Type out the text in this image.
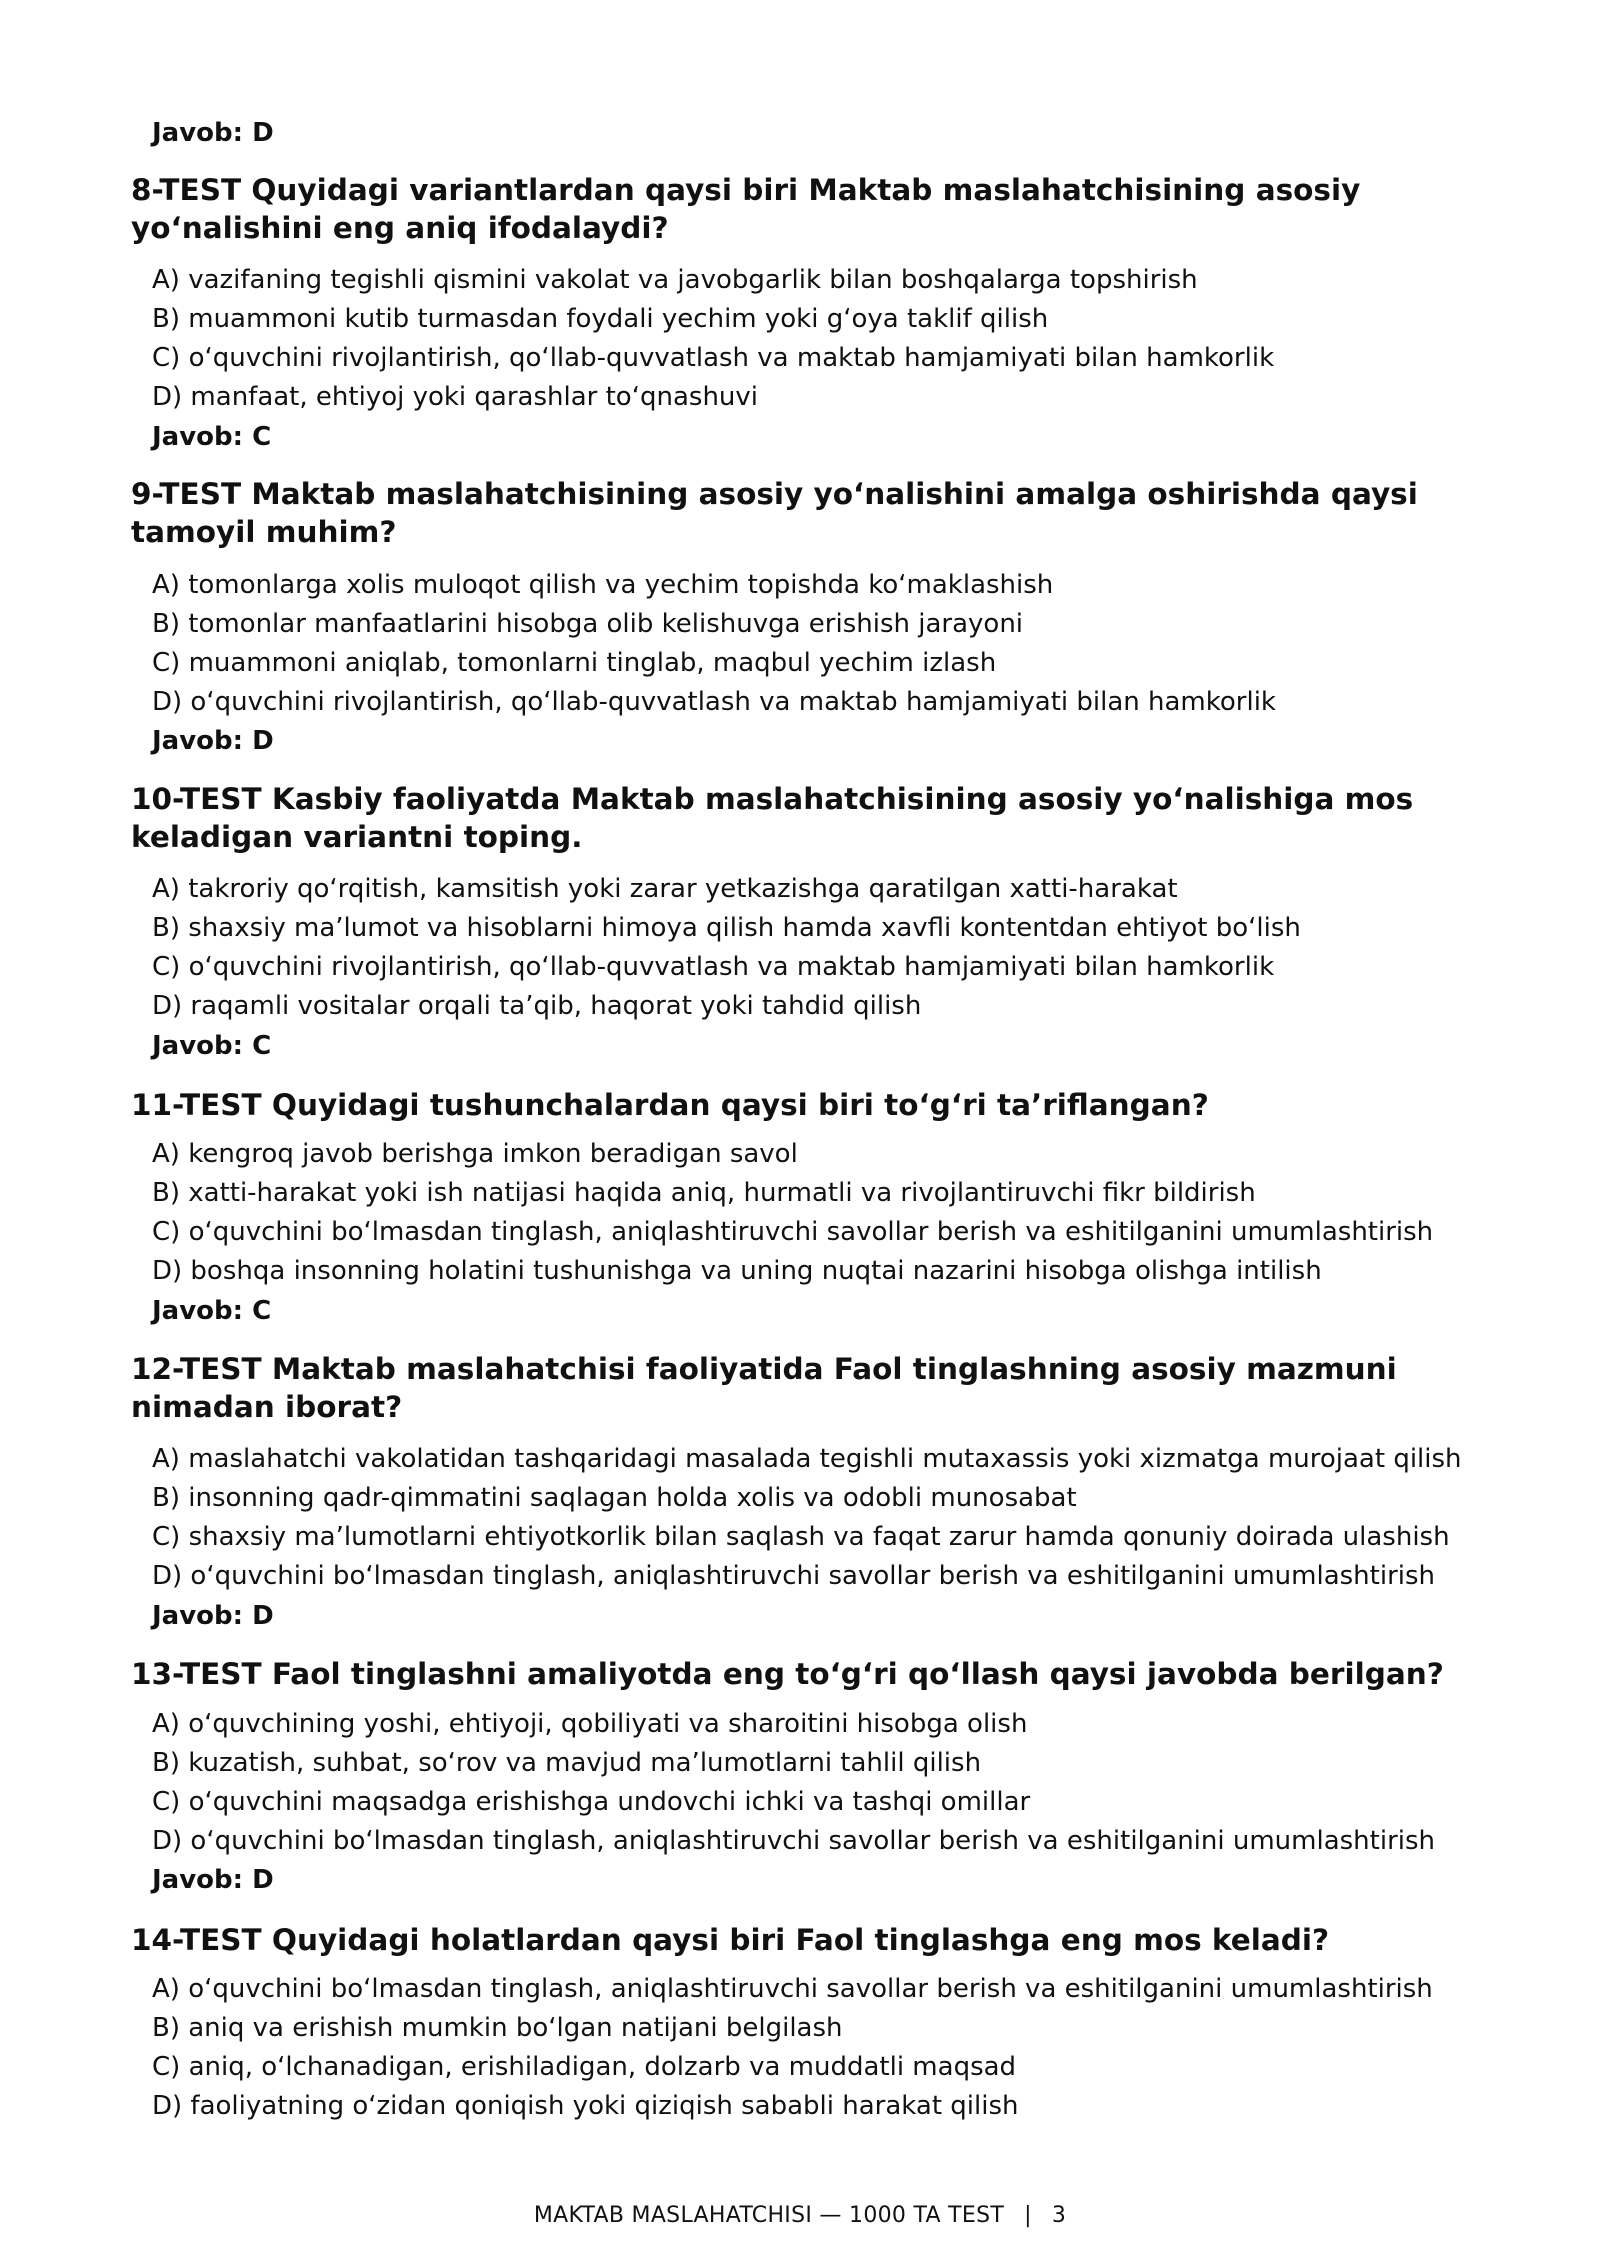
Javob: D

8-TEST Quyidagi variantlardan qaysi biri Maktab maslahatchisining asosiy yo‘nalishini eng aniq ifodalaydi?

A) vazifaning tegishli qismini vakolat va javobgarlik bilan boshqalarga topshirish

B) muammoni kutib turmasdan foydali yechim yoki g‘oya taklif qilish

C) o‘quvchini rivojlantirish, qo‘llab-quvvatlash va maktab hamjamiyati bilan hamkorlik

D) manfaat, ehtiyoj yoki qarashlar to‘qnashuvi

Javob: C

9-TEST Maktab maslahatchisining asosiy yo‘nalishini amalga oshirishda qaysi tamoyil muhim?

A) tomonlarga xolis muloqot qilish va yechim topishda ko‘maklashish

B) tomonlar manfaatlarini hisobga olib kelishuvga erishish jarayoni

C) muammoni aniqlab, tomonlarni tinglab, maqbul yechim izlash

D) o‘quvchini rivojlantirish, qo‘llab-quvvatlash va maktab hamjamiyati bilan hamkorlik

Javob: D

10-TEST Kasbiy faoliyatda Maktab maslahatchisining asosiy yo‘nalishiga mos keladigan variantni toping.

A) takroriy qo‘rqitish, kamsitish yoki zarar yetkazishga qaratilgan xatti-harakat

B) shaxsiy ma’lumot va hisoblarni himoya qilish hamda xavfli kontentdan ehtiyot bo‘lish

C) o‘quvchini rivojlantirish, qo‘llab-quvvatlash va maktab hamjamiyati bilan hamkorlik

D) raqamli vositalar orqali ta’qib, haqorat yoki tahdid qilish

Javob: C

11-TEST Quyidagi tushunchalardan qaysi biri to‘g‘ri ta’riflangan?

A) kengroq javob berishga imkon beradigan savol

B) xatti-harakat yoki ish natijasi haqida aniq, hurmatli va rivojlantiruvchi fikr bildirish

C) o‘quvchini bo‘lmasdan tinglash, aniqlashtiruvchi savollar berish va eshitilganini umumlashtirish

D) boshqa insonning holatini tushunishga va uning nuqtai nazarini hisobga olishga intilish

Javob: C

12-TEST Maktab maslahatchisi faoliyatida Faol tinglashning asosiy mazmuni nimadan iborat?

A) maslahatchi vakolatidan tashqaridagi masalada tegishli mutaxassis yoki xizmatga murojaat qilish

B) insonning qadr-qimmatini saqlagan holda xolis va odobli munosabat

C) shaxsiy ma’lumotlarni ehtiyotkorlik bilan saqlash va faqat zarur hamda qonuniy doirada ulashish

D) o‘quvchini bo‘lmasdan tinglash, aniqlashtiruvchi savollar berish va eshitilganini umumlashtirish

Javob: D

13-TEST Faol tinglashni amaliyotda eng to‘g‘ri qo‘llash qaysi javobda berilgan?

A) o‘quvchining yoshi, ehtiyoji, qobiliyati va sharoitini hisobga olish

B) kuzatish, suhbat, so‘rov va mavjud ma’lumotlarni tahlil qilish

C) o‘quvchini maqsadga erishishga undovchi ichki va tashqi omillar

D) o‘quvchini bo‘lmasdan tinglash, aniqlashtiruvchi savollar berish va eshitilganini umumlashtirish

Javob: D

14-TEST Quyidagi holatlardan qaysi biri Faol tinglashga eng mos keladi?

A) o‘quvchini bo‘lmasdan tinglash, aniqlashtiruvchi savollar berish va eshitilganini umumlashtirish

B) aniq va erishish mumkin bo‘lgan natijani belgilash

C) aniq, o‘lchanadigan, erishiladigan, dolzarb va muddatli maqsad

D) faoliyatning o‘zidan qoniqish yoki qiziqish sababli harakat qilish

MAKTAB MASLAHATCHISI — 1000 TA TEST | 3
